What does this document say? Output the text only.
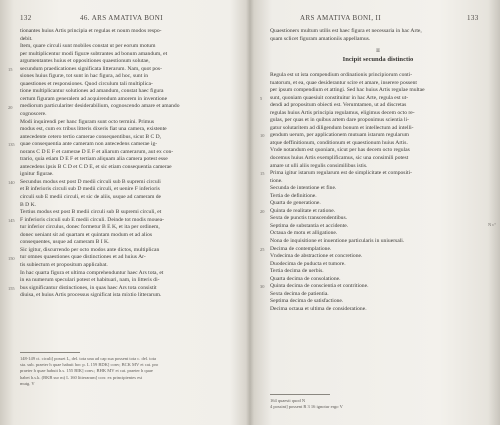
132	46. ARS AMATIVA BONI
tionantes huius Artis principia et regulas et noum modos respo-
debit.
Item, quare circuli sunt mobiles constat ut per eorum motum
per multiplicentur modi figuræ subtrantes ad bonum amandum, et
argumentantes huius et oppositiones quaestionum solutae,
secundum praedicationes significata litterarum. Nam, quot pos-
siones huius figuræ, tot sunt in hac figura, ad hoc, sunt in
quaestiones et responsiones. Quod circulum tali multiplica-
tione multiplicantur solutiones ad amandum, constat haec figura
certum figuram generalem ad acquirendum amorem in inventione
mediorum particulariter desiderabilium, cognoscendo amare et amando
cognoscere.
Modi inquirendi per hanc figuram sunt octo termini. Primus
modus est, cum ex tribus litteris dixeris fiat una camera, existente
antecedente cetero tertio camerae consequentibus, sicut B C D,
quae consequentia ante cameram non antecedens camerae ig-
norans C D E F et camerae D E F et aliarum camerarum, aut ex con-
trario, quia etiam D E F et tertiam aliquam alia camera potest esse
antecedens ipsis B C D et C D E, et sic etiam consequentia camerae
ignitur figurae.
Secundus modus est post D medii circuli sub B supremi circuli
et B inferioris circuli sub D medii circuli, et uenire F inferioris
circuli sub E medii circuli, et sic de aliis, usque ad cameram de
B D K.
Tertius modus est post B medii circuli sub B supremi circuli, et
F inferioris circuli sub E medii circuli. Deinde tot modis mouea-
tur inferior circulus, donec formetur B E K, et ita per ordinem,
donec ueniant sit ad quartam et quintam modum et ad alios
consequentes, usque ad cameram B I K.
Sic igitur, discurrendo per octo modos ante dictos, multiplican
tur omnes quaestiones quae distinctiones et ad huius Ar-
tis subiectum et propositum applicabat.
In hac quarta figura et ultima comprehenduntur haec Ars tota, et
in ea numerum speculari potest et habituari, nam, in litteris di-
bus significantur distinctiones, in quas haec Ars tota consistit
diuisa, et huius Artis processus significat ista mixtio litterarum.
148-149 ct. ciculi] posset L, del. tota una ad cap sua possent tota c. del. tota
sta. sub. praeter h quae habuit hoc p. L 159 BDK] conv; BCK MV et cat. pro
praeter h quae habuit h.s. 155 BIK] conv.; BHK MV et cat. praeter h quae
habet h.s.k. (BKB sur m) L 160 litterarum] corr. ex principientes est
mutg. V
15
20
135
140
145
150
155
ARS AMATIVA BONI, II	133
Quaestioners multum utilis est haec figura et necessaria in hac Arte,
quam sclicet figuram amationiis appellamus.
II
Incipit secunda distinctio
Regula est ut ista compendium ordinationis principiorum conti-
tuatorum, et ea, quae desiderantur scire et amare, inserere possent
per ipsum compendium et attingi. Sed hac huius Artis regulae multae
sunt, quoniam quaesiuit constituitur in hac Arte, regula est ut-
dendi ad propositum obiecti est. Verumtamen, ut ad discretas
regulas huius Artis principia regulamus, eligimus decem octo re-
gulas, per quas et in quibus artem dare proponimus scientia li-
gatur solutaritem ad diligendum bonum et intellectum ad intelli-
gendum uerum, per applicationem mutuam istarum regularum
atque deffinitionum, conditionum et quaestionum huius Artis.
Vnde notandum est quoniam, sicut per has decem octo regulas
docemus huius Artis exemplificamus, sic una consimili potest
amare ut ulli aliis regulis consimilibus istis.
Prima igitur istarum regularum est de simplicitate et compositi-
tione.
Secunda de intentione et fine.
Tertia de definitione.
Quarta de generatione.
Quinta de realitate et ratione.
Sexta de punctis transcendentibus.
Septima de substantia et accidente.
Octaua de motu et alligatione.
Nona de inquisitione et inuentione particularis in uniuersali.
Decima de contemplatione.
Vndecima de abstractione et concretione.
Duodecima de puducta et tumore.
Tertia decima de uerbis.
Quarta decima de consolatione.
Quinta decima de conscientia et contritione.
Sexta decima de patientia.
Septima decima de satisfactione.
Decima octaua et ultima de consideratione.
N c°
164 quaesti quod N
4 possint] possent R 3 16 ignotur ergo V
5
10
15
20
25
30
